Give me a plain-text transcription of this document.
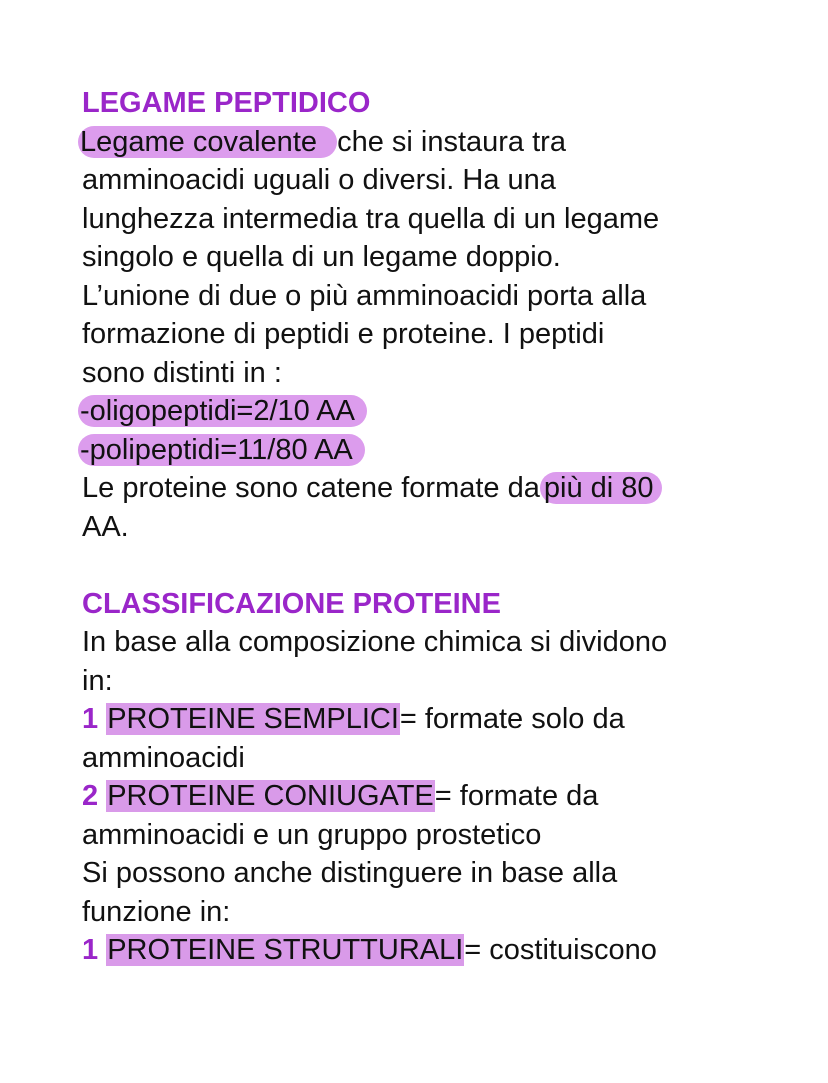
LEGAME PEPTIDICO
Legame covalente che si instaura tra
amminoacidi uguali o diversi. Ha una
lunghezza intermedia tra quella di un legame
singolo e quella di un legame doppio.
L’unione di due o più amminoacidi porta alla
formazione di peptidi e proteine. I peptidi
sono distinti in :
-oligopeptidi=2/10 AA
-polipeptidi=11/80 AA
Le proteine sono catene formate da più di 80
AA.
CLASSIFICAZIONE PROTEINE
In base alla composizione chimica si dividono
in:
1 PROTEINE SEMPLICI= formate solo da
amminoacidi
2 PROTEINE CONIUGATE= formate da
amminoacidi e un gruppo prostetico
Si possono anche distinguere in base alla
funzione in:
1 PROTEINE STRUTTURALI= costituiscono
